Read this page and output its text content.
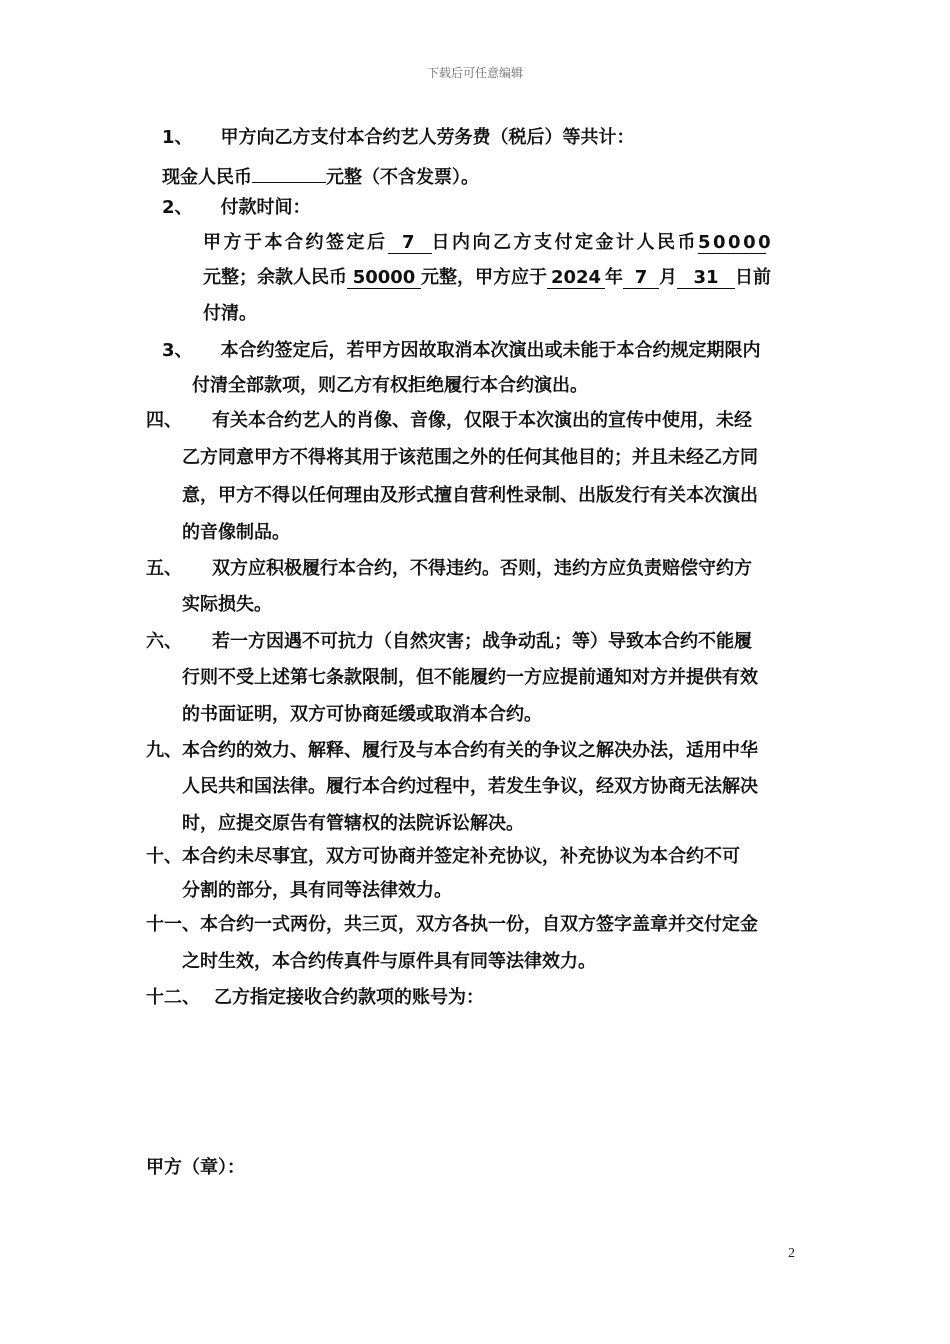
下载后可任意编辑
1、 甲方向乙方支付本合约艺人劳务费（税后）等共计：
现金人民币	元整（不含发票）。
2、 付款时间：
甲方于本合约签定后 7 日内向乙方支付定金计人民币50000
元整；余款人民币 50000 元整，甲方应于 2024 年 7 月 31 日前
付清。
3、 本合约签定后，若甲方因故取消本次演出或未能于本合约规定期限内
付清全部款项，则乙方有权拒绝履行本合约演出。
四、 有关本合约艺人的肖像、音像，仅限于本次演出的宣传中使用，未经
乙方同意甲方不得将其用于该范围之外的任何其他目的；并且未经乙方同
意，甲方不得以任何理由及形式擅自营利性录制、出版发行有关本次演出
的音像制品。
五、 双方应积极履行本合约，不得违约。否则，违约方应负责赔偿守约方
实际损失。
六、 若一方因遇不可抗力（自然灾害；战争动乱；等）导致本合约不能履
行则不受上述第七条款限制，但不能履约一方应提前通知对方并提供有效
的书面证明，双方可协商延缓或取消本合约。
九、本合约的效力、解释、履行及与本合约有关的争议之解决办法，适用中华
人民共和国法律。履行本合约过程中，若发生争议，经双方协商无法解决
时，应提交原告有管辖权的法院诉讼解决。
十、本合约未尽事宜，双方可协商并签定补充协议，补充协议为本合约不可
分割的部分，具有同等法律效力。
十一、本合约一式两份，共三页，双方各执一份，自双方签字盖章并交付定金
之时生效，本合约传真件与原件具有同等法律效力。
十二、 乙方指定接收合约款项的账号为：
甲方（章）：
2
